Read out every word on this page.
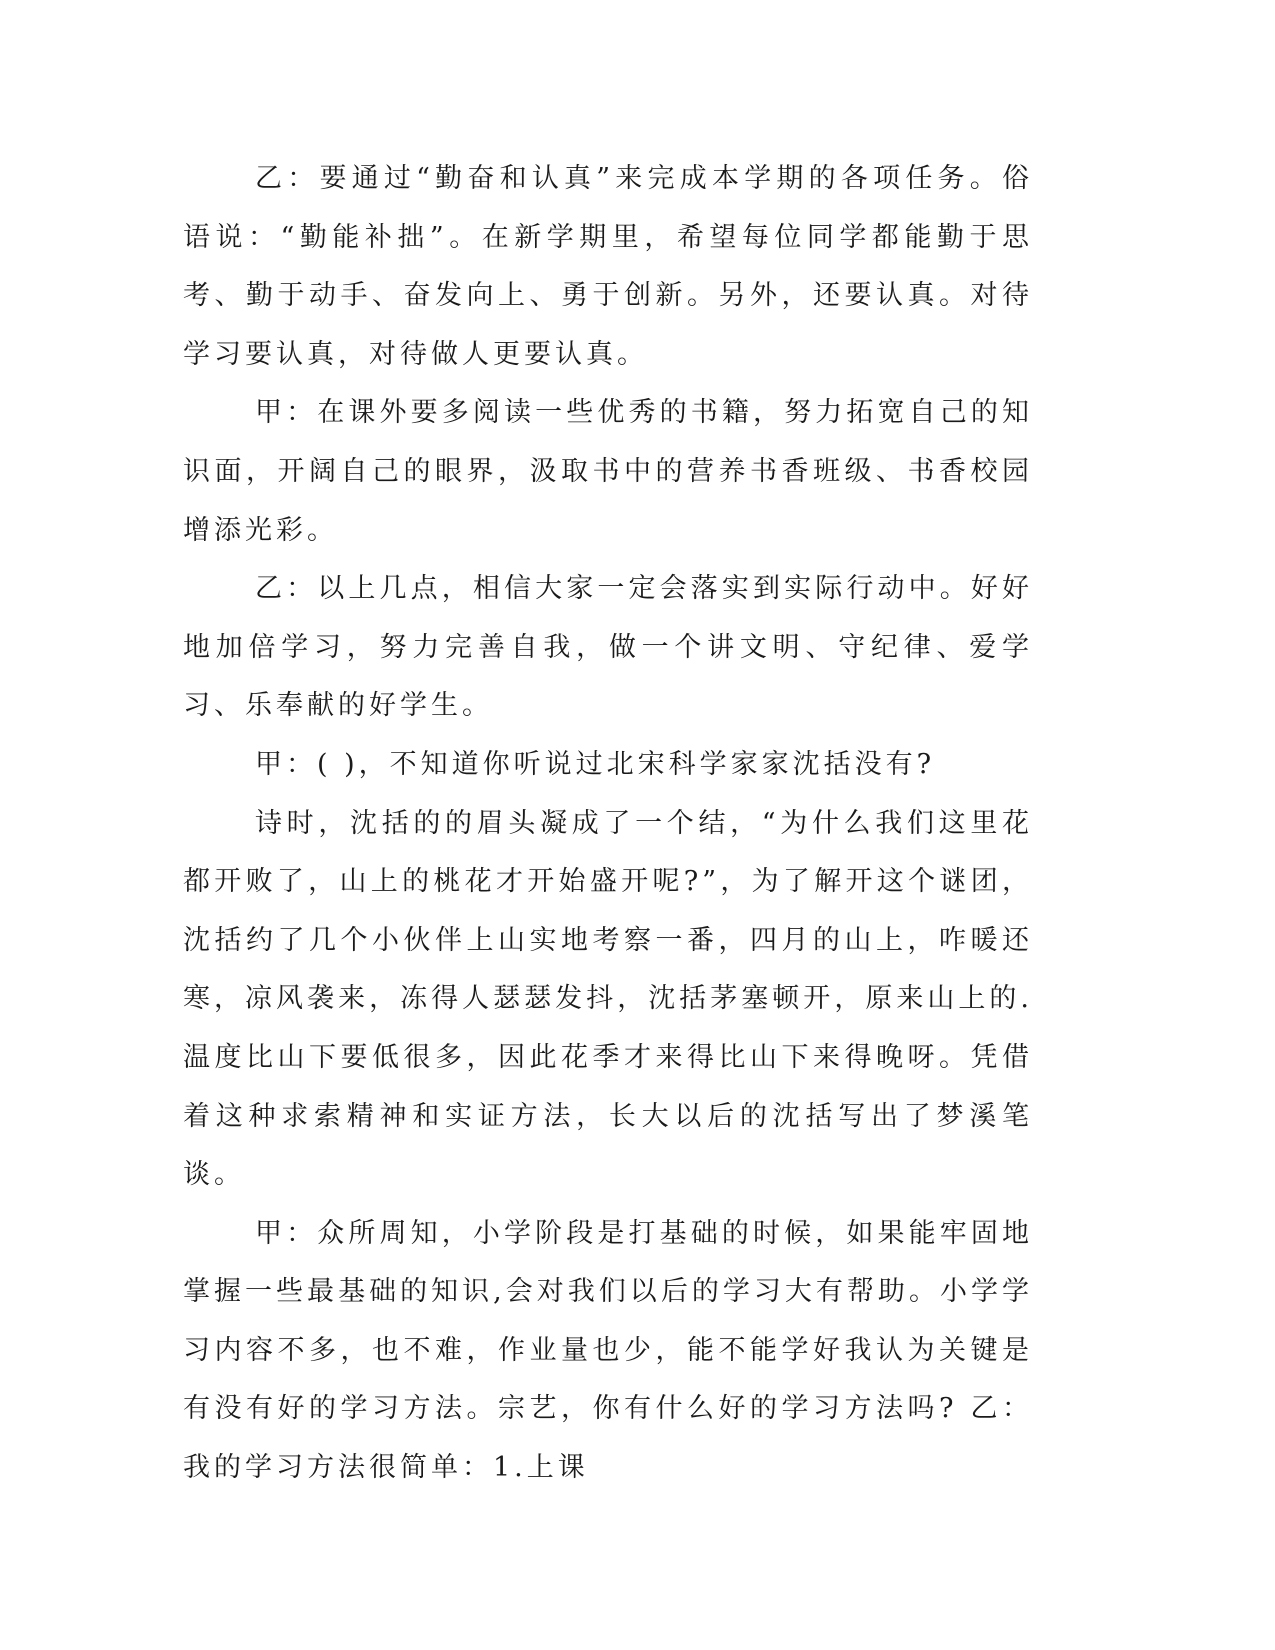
乙：要通过“勤奋和认真”来完成本学期的各项任务。俗语说：“勤能补拙”。在新学期里，希望每位同学都能勤于思考、勤于动手、奋发向上、勇于创新。另外，还要认真。对待学习要认真，对待做人更要认真。

甲：在课外要多阅读一些优秀的书籍，努力拓宽自己的知识面，开阔自己的眼界，汲取书中的营养书香班级、书香校园增添光彩。

乙：以上几点，相信大家一定会落实到实际行动中。好好地加倍学习，努力完善自我，做一个讲文明、守纪律、爱学习、乐奉献的好学生。

甲：( )，不知道你听说过北宋科学家家沈括没有?

诗时，沈括的的眉头凝成了一个结，“为什么我们这里花都开败了，山上的桃花才开始盛开呢?”，为了解开这个谜团，沈括约了几个小伙伴上山实地考察一番，四月的山上，咋暖还寒，凉风袭来，冻得人瑟瑟发抖，沈括茅塞顿开，原来山上的.温度比山下要低很多，因此花季才来得比山下来得晚呀。凭借着这种求索精神和实证方法，长大以后的沈括写出了梦溪笔谈。

甲：众所周知，小学阶段是打基础的时候，如果能牢固地掌握一些最基础的知识,会对我们以后的学习大有帮助。小学学习内容不多，也不难，作业量也少，能不能学好我认为关键是有没有好的学习方法。宗艺，你有什么好的学习方法吗? 乙：我的学习方法很简单：1.上课
